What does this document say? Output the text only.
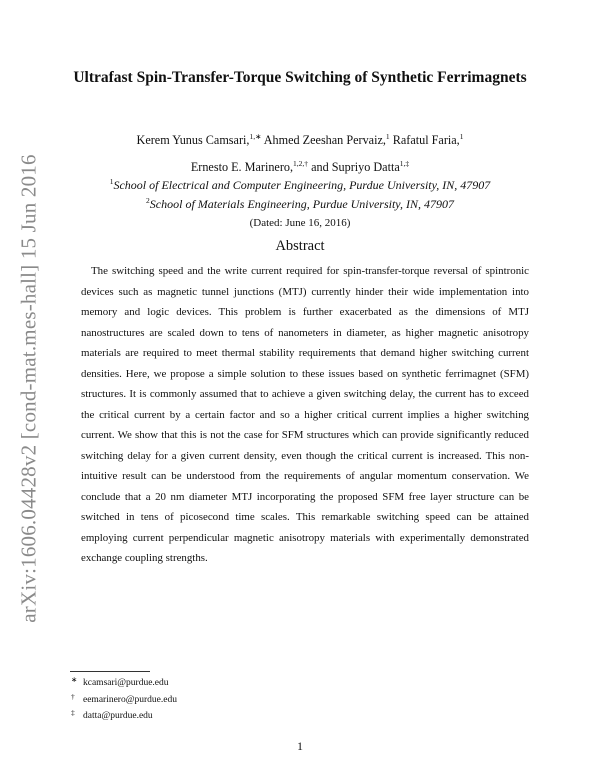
arXiv:1606.04428v2 [cond-mat.mes-hall] 15 Jun 2016
Ultrafast Spin-Transfer-Torque Switching of Synthetic Ferrimagnets
Kerem Yunus Camsari,$^{1,∗}$ Ahmed Zeeshan Pervaiz,$^1$ Rafatul Faria,$^1$ Ernesto E. Marinero,$^{1,2,\dagger}$ and Supriyo Datta$^{1,\ddagger}$
$^1$School of Electrical and Computer Engineering, Purdue University, IN, 47907
$^2$School of Materials Engineering, Purdue University, IN, 47907
(Dated: June 16, 2016)
Abstract
The switching speed and the write current required for spin-transfer-torque reversal of spintronic devices such as magnetic tunnel junctions (MTJ) currently hinder their wide implementation into memory and logic devices. This problem is further exacerbated as the dimensions of MTJ nanostructures are scaled down to tens of nanometers in diameter, as higher magnetic anisotropy materials are required to meet thermal stability requirements that demand higher switching current densities. Here, we propose a simple solution to these issues based on synthetic ferrimagnet (SFM) structures. It is commonly assumed that to achieve a given switching delay, the current has to exceed the critical current by a certain factor and so a higher critical current implies a higher switching current. We show that this is not the case for SFM structures which can provide significantly reduced switching delay for a given current density, even though the critical current is increased. This non-intuitive result can be understood from the requirements of angular momentum conservation. We conclude that a 20 nm diameter MTJ incorporating the proposed SFM free layer structure can be switched in tens of picosecond time scales. This remarkable switching speed can be attained employing current perpendicular magnetic anisotropy materials with experimentally demonstrated exchange coupling strengths.
∗ kcamsari@purdue.edu
† eemarinero@purdue.edu
‡ datta@purdue.edu
1
